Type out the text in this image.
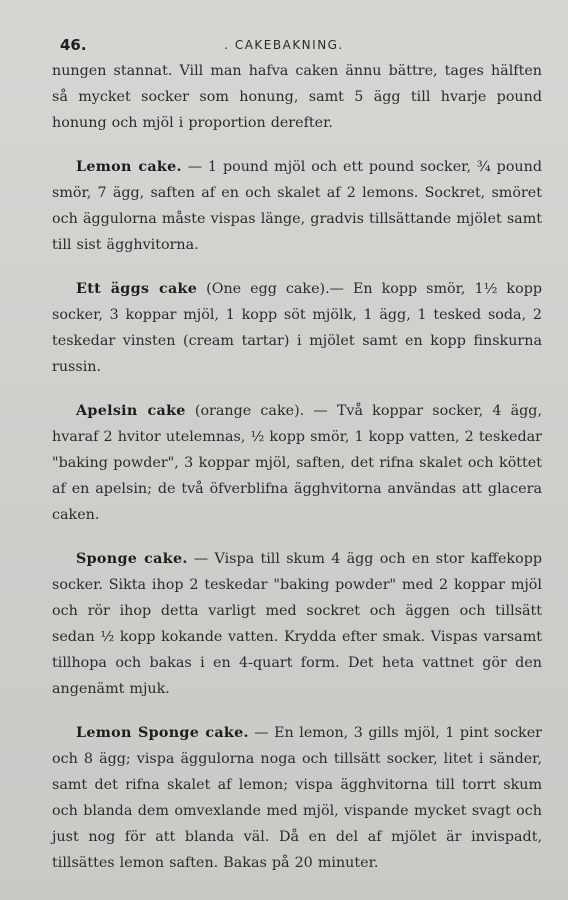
46.	. CAKEBAKNING.

nungen stannat. Vill man hafva caken ännu bättre, tages hälften så mycket socker som honung, samt 5 ägg till hvarje pound honung och mjöl i proportion derefter.

Lemon cake. — 1 pound mjöl och ett pound socker, ¾ pound smör, 7 ägg, saften af en och skalet af 2 lemons. Sockret, smöret och äggulorna måste vispas länge, gradvis tillsättande mjölet samt till sist ägghvitorna.

Ett äggs cake (One egg cake).— En kopp smör, 1½ kopp socker, 3 koppar mjöl, 1 kopp söt mjölk, 1 ägg, 1 tesked soda, 2 teskedar vinsten (cream tartar) i mjölet samt en kopp finskurna russin.

Apelsin cake (orange cake). — Två koppar socker, 4 ägg, hvaraf 2 hvitor utelemnas, ½ kopp smör, 1 kopp vatten, 2 teskedar "baking powder", 3 koppar mjöl, saften, det rifna skalet och köttet af en apelsin; de två öfverblifna ägghvitorna användas att glacera caken.

Sponge cake. — Vispa till skum 4 ägg och en stor kaffekopp socker. Sikta ihop 2 teskedar "baking powder" med 2 koppar mjöl och rör ihop detta varligt med sockret och äggen och tillsätt sedan ½ kopp kokande vatten. Krydda efter smak. Vispas varsamt tillhopa och bakas i en 4-quart form. Det heta vattnet gör den angenämt mjuk.

Lemon Sponge cake. — En lemon, 3 gills mjöl, 1 pint socker och 8 ägg; vispa äggulorna noga och tillsätt socker, litet i sänder, samt det rifna skalet af lemon; vispa ägghvitorna till torrt skum och blanda dem omvexlande med mjöl, vispande mycket svagt och just nog för att blanda väl. Då en del af mjölet är invispadt, tillsättes lemon saften. Bakas på 20 minuter.
